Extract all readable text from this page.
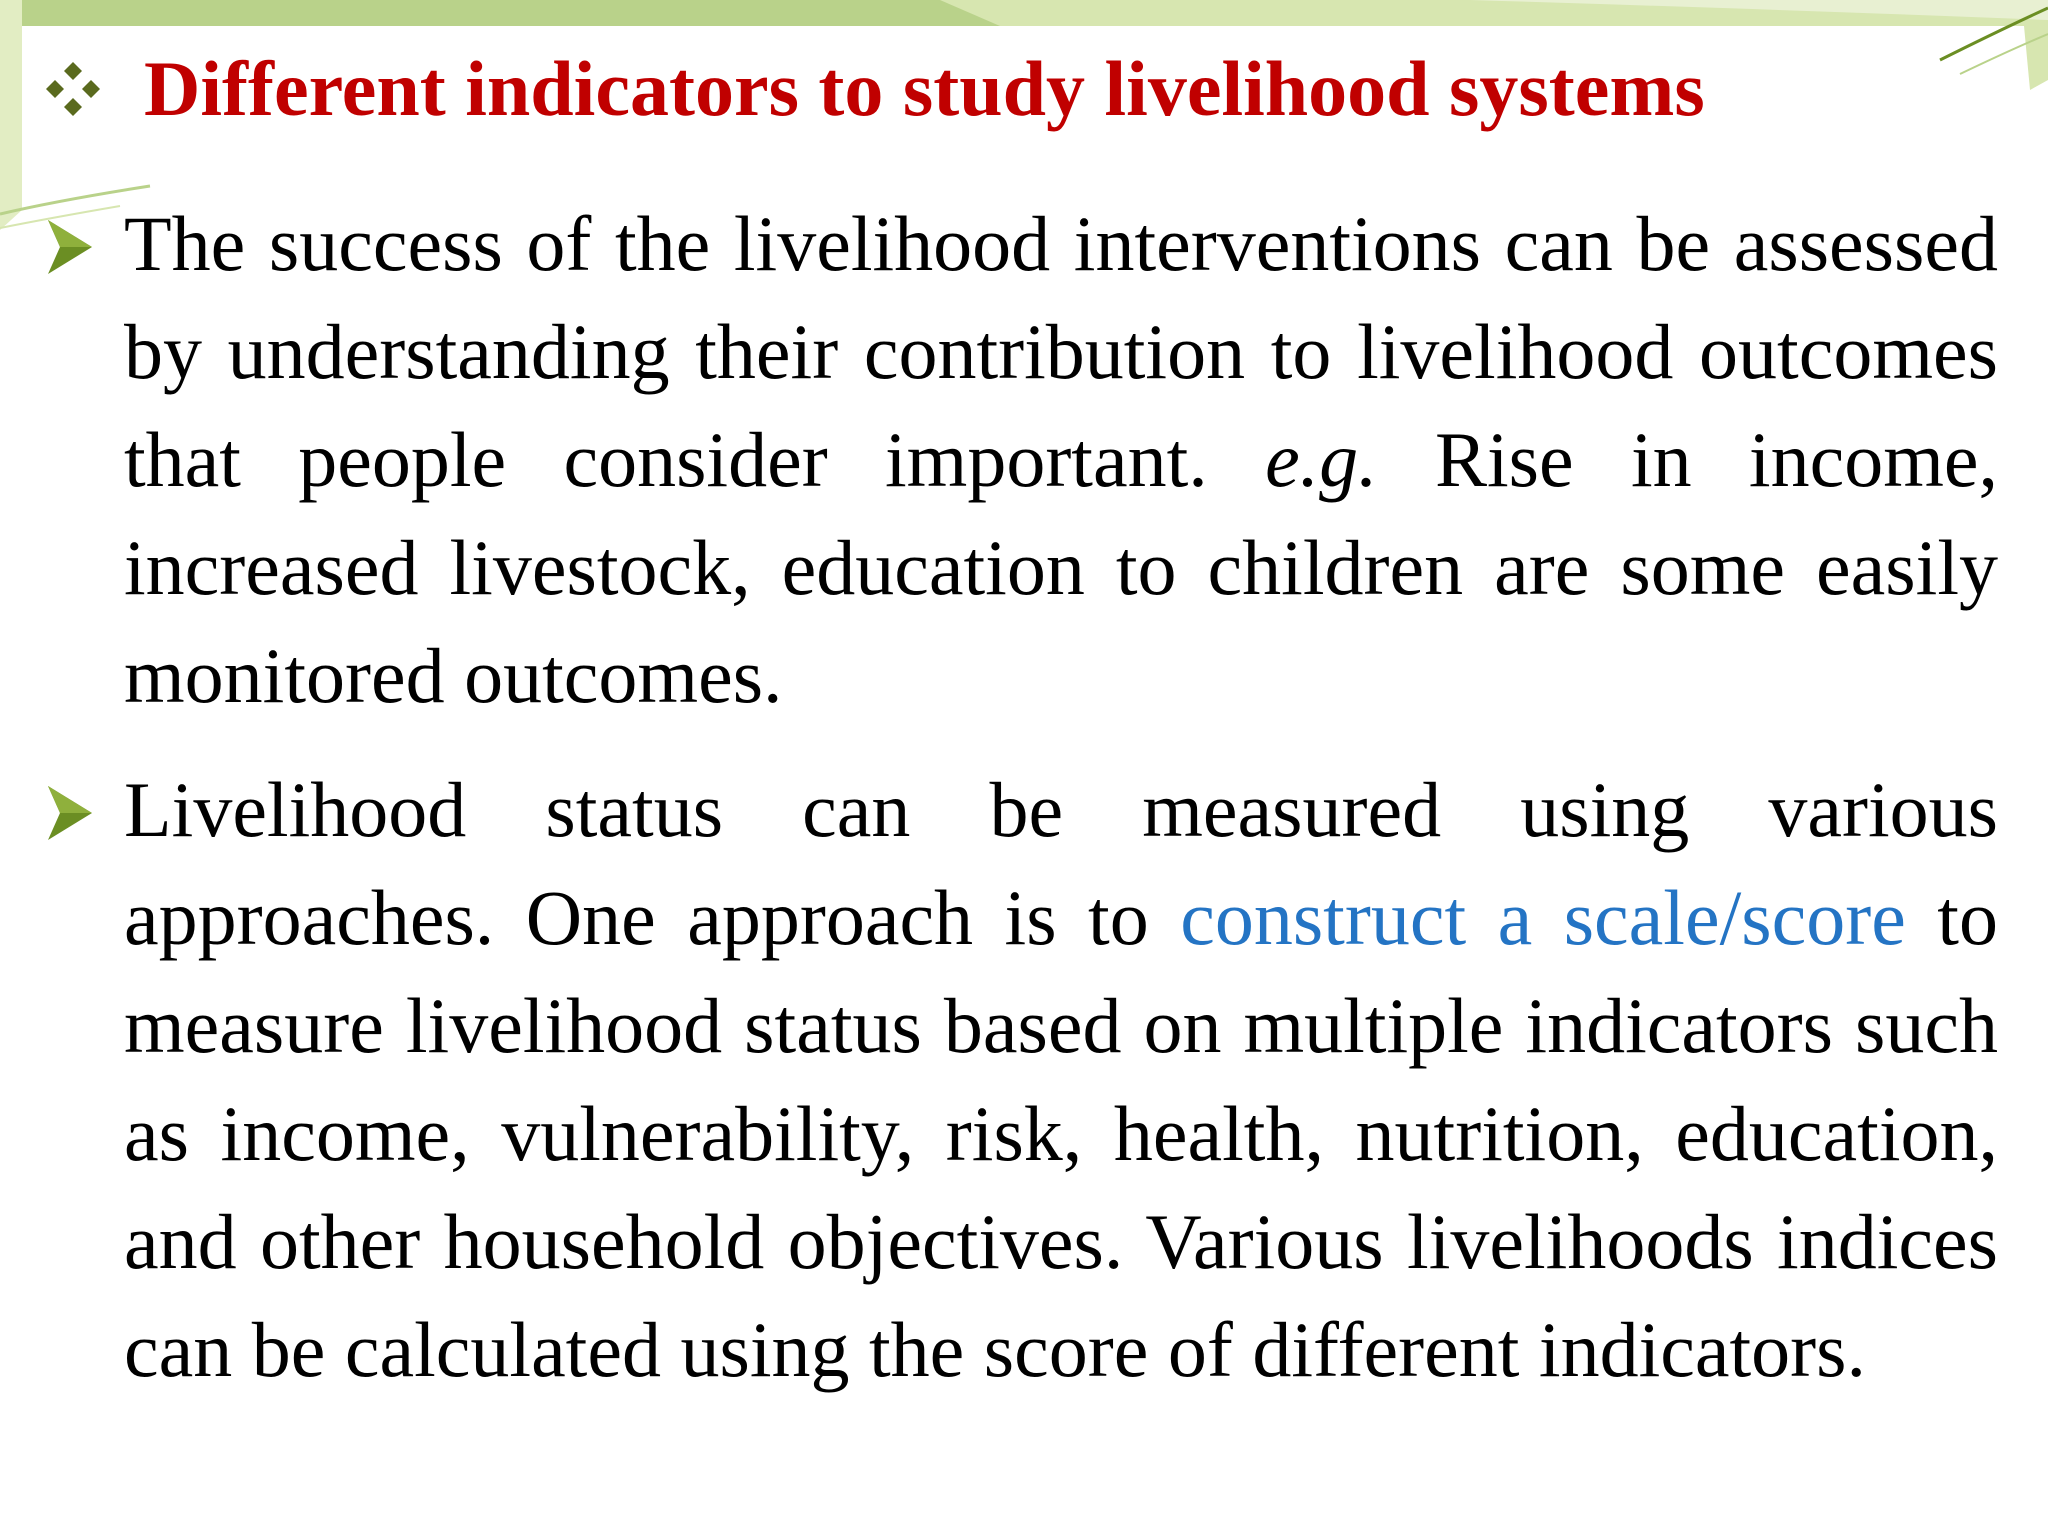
Different indicators to study livelihood systems

The success of the livelihood interventions can be assessed by understanding their contribution to livelihood outcomes that people consider important. e.g. Rise in income, increased livestock, education to children are some easily monitored outcomes.

Livelihood status can be measured using various approaches. One approach is to construct a scale/score to measure livelihood status based on multiple indicators such as income, vulnerability, risk, health, nutrition, education, and other household objectives. Various livelihoods indices can be calculated using the score of different indicators.
